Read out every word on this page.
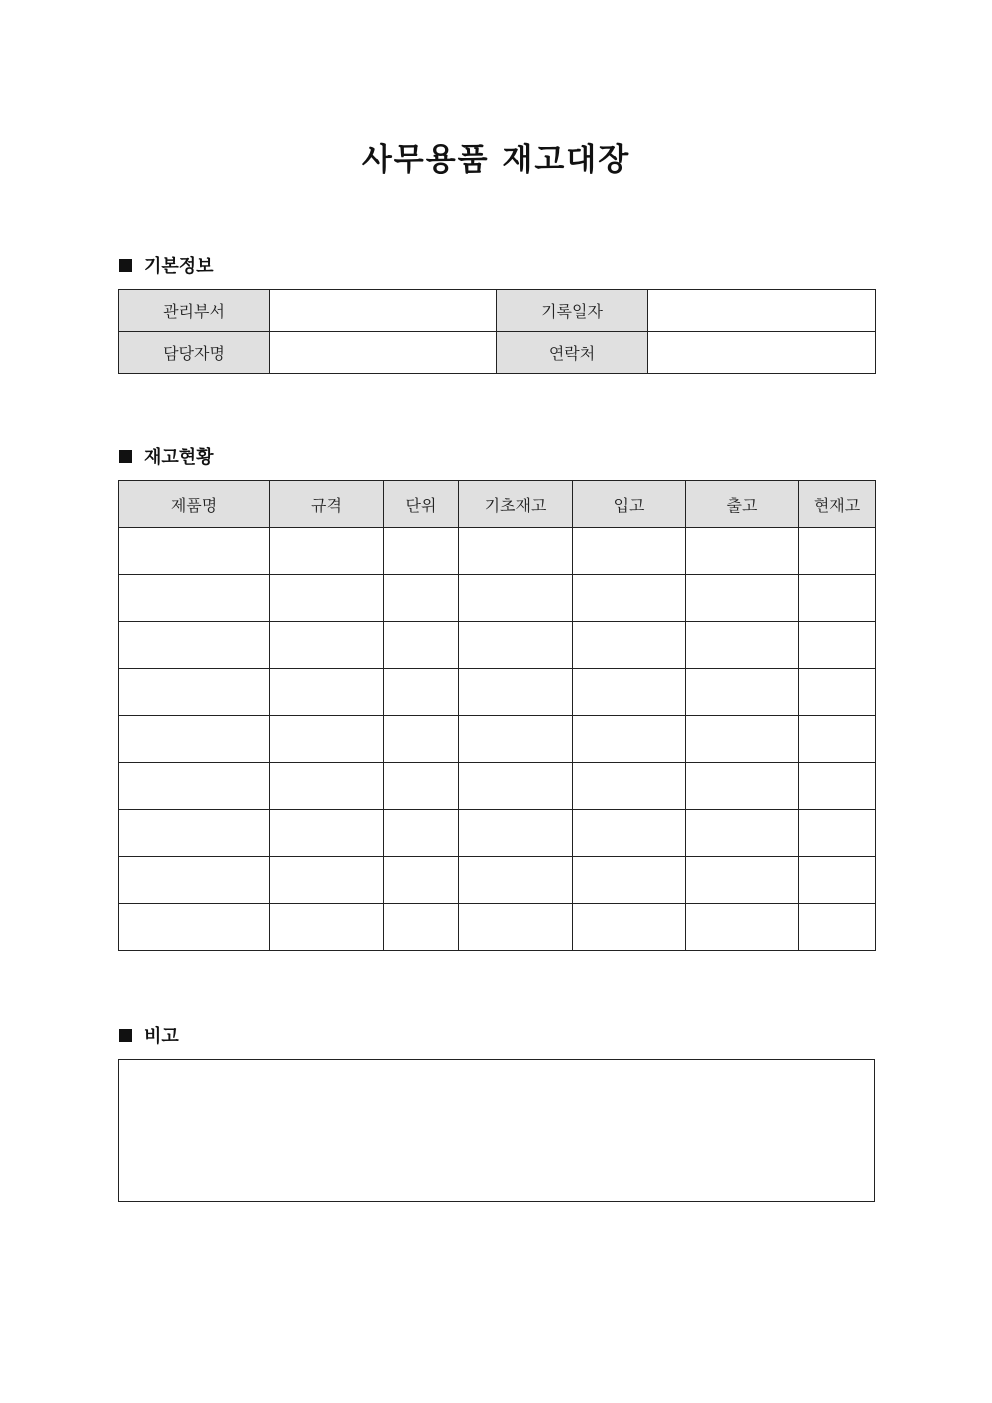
사무용품 재고대장
기본정보
관리부서		기록일자	
담당자명		연락처	
재고현황
제품명	규격	단위	기초재고	입고	출고	현재고

비고
